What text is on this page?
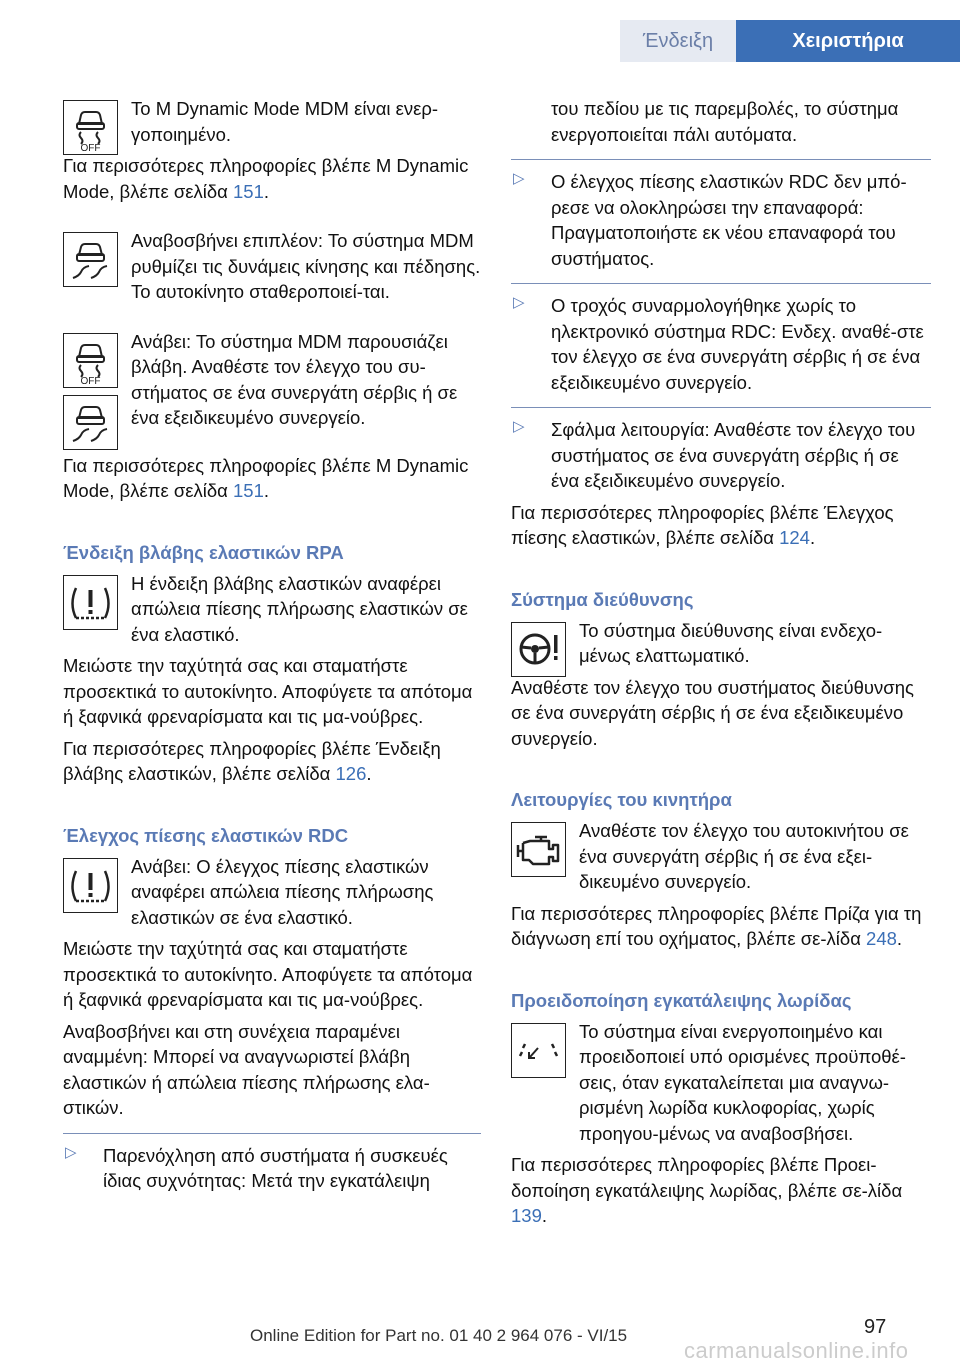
Ένδειξη	Χειριστήρια
OFF

Το M Dynamic Mode MDM είναι ενερ-γοποιημένο.

Για περισσότερες πληροφορίες βλέπε M Dynamic Mode, βλέπε σελίδα 151.

Αναβοσβήνει επιπλέον: Το σύστημα MDM ρυθμίζει τις δυνάμεις κίνησης και πέδησης. Το αυτοκίνητο σταθεροποιεί-ται.

OFF

Ανάβει: Το σύστημα MDM παρουσιάζει βλάβη. Αναθέστε τον έλεγχο του συ-στήματος σε ένα συνεργάτη σέρβις ή σε ένα εξειδικευμένο συνεργείο.

Για περισσότερες πληροφορίες βλέπε M Dynamic Mode, βλέπε σελίδα 151.

Ένδειξη βλάβης ελαστικών RPA

Η ένδειξη βλάβης ελαστικών αναφέρει απώλεια πίεσης πλήρωσης ελαστικών σε ένα ελαστικό.

Μειώστε την ταχύτητά σας και σταματήστε προσεκτικά το αυτοκίνητο. Αποφύγετε τα απότομα ή ξαφνικά φρεναρίσματα και τις μα-νούβρες.

Για περισσότερες πληροφορίες βλέπε Ένδειξη βλάβης ελαστικών, βλέπε σελίδα 126.

Έλεγχος πίεσης ελαστικών RDC

Ανάβει: Ο έλεγχος πίεσης ελαστικών αναφέρει απώλεια πίεσης πλήρωσης ελαστικών σε ένα ελαστικό.

Μειώστε την ταχύτητά σας και σταματήστε προσεκτικά το αυτοκίνητο. Αποφύγετε τα απότομα ή ξαφνικά φρεναρίσματα και τις μα-νούβρες.

Αναβοσβήνει και στη συνέχεια παραμένει αναμμένη: Μπορεί να αναγνωριστεί βλάβη ελαστικών ή απώλεια πίεσης πλήρωσης ελα-στικών.

▷ Παρενόχληση από συστήματα ή συσκευές ίδιας συχνότητας: Μετά την εγκατάλειψη

του πεδίου με τις παρεμβολές, το σύστημα ενεργοποιείται πάλι αυτόματα.

▷ Ο έλεγχος πίεσης ελαστικών RDC δεν μπό-ρεσε να ολοκληρώσει την επαναφορά: Πραγματοποιήστε εκ νέου επαναφορά του συστήματος.

▷ Ο τροχός συναρμολογήθηκε χωρίς το ηλεκτρονικό σύστημα RDC: Ενδεχ. αναθέ-στε τον έλεγχο σε ένα συνεργάτη σέρβις ή σε ένα εξειδικευμένο συνεργείο.

▷ Σφάλμα λειτουργία: Αναθέστε τον έλεγχο του συστήματος σε ένα συνεργάτη σέρβις ή σε ένα εξειδικευμένο συνεργείο.

Για περισσότερες πληροφορίες βλέπε Έλεγχος πίεσης ελαστικών, βλέπε σελίδα 124.

Σύστημα διεύθυνσης

Το σύστημα διεύθυνσης είναι ενδεχο-μένως ελαττωματικό.

Αναθέστε τον έλεγχο του συστήματος διεύθυνσης σε ένα συνεργάτη σέρβις ή σε ένα εξειδικευμένο συνεργείο.

Λειτουργίες του κινητήρα

Αναθέστε τον έλεγχο του αυτοκινήτου σε ένα συνεργάτη σέρβις ή σε ένα εξει-δικευμένο συνεργείο.

Για περισσότερες πληροφορίες βλέπε Πρίζα για τη διάγνωση επί του οχήματος, βλέπε σε-λίδα 248.

Προειδοποίηση εγκατάλειψης λωρίδας

Το σύστημα είναι ενεργοποιημένο και προειδοποιεί υπό ορισμένες προϋποθέ-σεις, όταν εγκαταλείπεται μια αναγνω-ρισμένη λωρίδα κυκλοφορίας, χωρίς προηγου-μένως να αναβοσβήσει.

Για περισσότερες πληροφορίες βλέπε Προει-δοποίηση εγκατάλειψης λωρίδας, βλέπε σε-λίδα 139.

97
Online Edition for Part no. 01 40 2 964 076 - VI/15
carmanualsonline.info
